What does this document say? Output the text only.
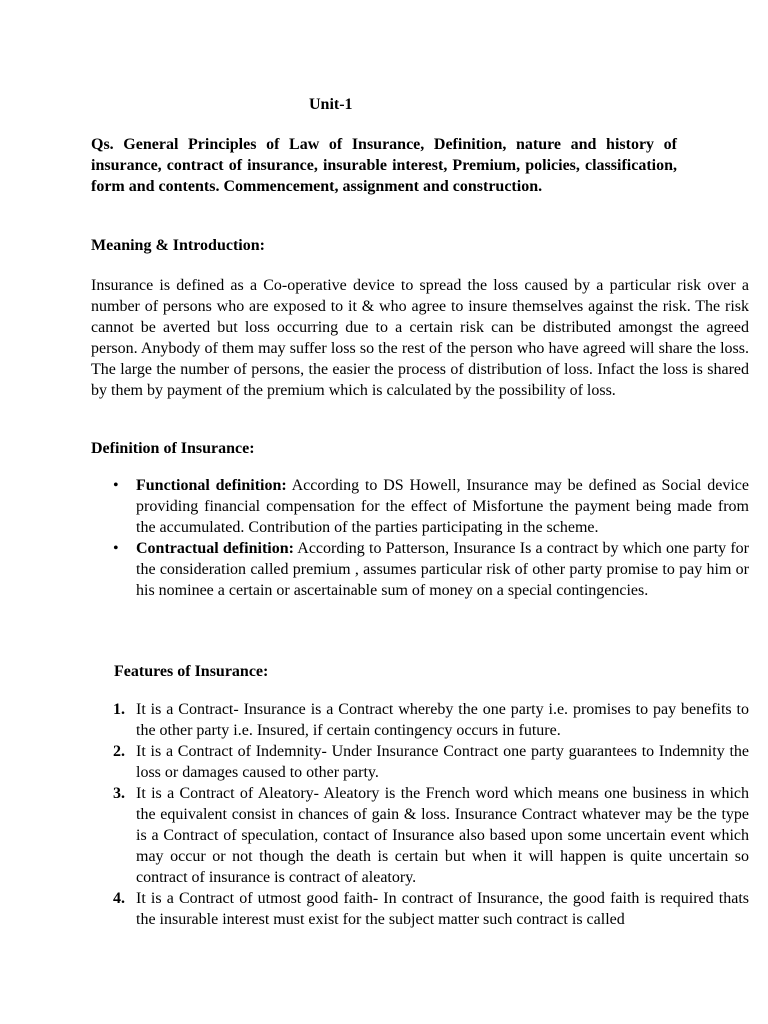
Unit-1
Qs. General Principles of Law of Insurance, Definition, nature and history of insurance, contract of insurance, insurable interest, Premium, policies, classification, form and contents. Commencement, assignment and construction.
Meaning & Introduction:
Insurance is defined as a Co-operative device to spread the loss caused by a particular risk over a number of persons who are exposed to it & who agree to insure themselves against the risk. The risk cannot be averted but loss occurring due to a certain risk can be distributed amongst the agreed person. Anybody of them may suffer loss so the rest of the person who have agreed will share the loss. The large the number of persons, the easier the process of distribution of loss. Infact the loss is shared by them by payment of the premium which is calculated by the possibility of loss.
Definition of Insurance:
• Functional definition: According to DS Howell, Insurance may be defined as Social device providing financial compensation for the effect of Misfortune the payment being made from the accumulated. Contribution of the parties participating in the scheme.
• Contractual definition: According to Patterson, Insurance Is a contract by which one party for the consideration called premium , assumes particular risk of other party promise to pay him or his nominee a certain or ascertainable sum of money on a special contingencies.
Features of Insurance:
1. It is a Contract- Insurance is a Contract whereby the one party i.e. promises to pay benefits to the other party i.e. Insured, if certain contingency occurs in future.
2. It is a Contract of Indemnity- Under Insurance Contract one party guarantees to Indemnity the loss or damages caused to other party.
3. It is a Contract of Aleatory- Aleatory is the French word which means one business in which the equivalent consist in chances of gain & loss. Insurance Contract whatever may be the type is a Contract of speculation, contact of Insurance also based upon some uncertain event which may occur or not though the death is certain but when it will happen is quite uncertain so contract of insurance is contract of aleatory.
4. It is a Contract of utmost good faith- In contract of Insurance, the good faith is required thats the insurable interest must exist for the subject matter such contract is called
